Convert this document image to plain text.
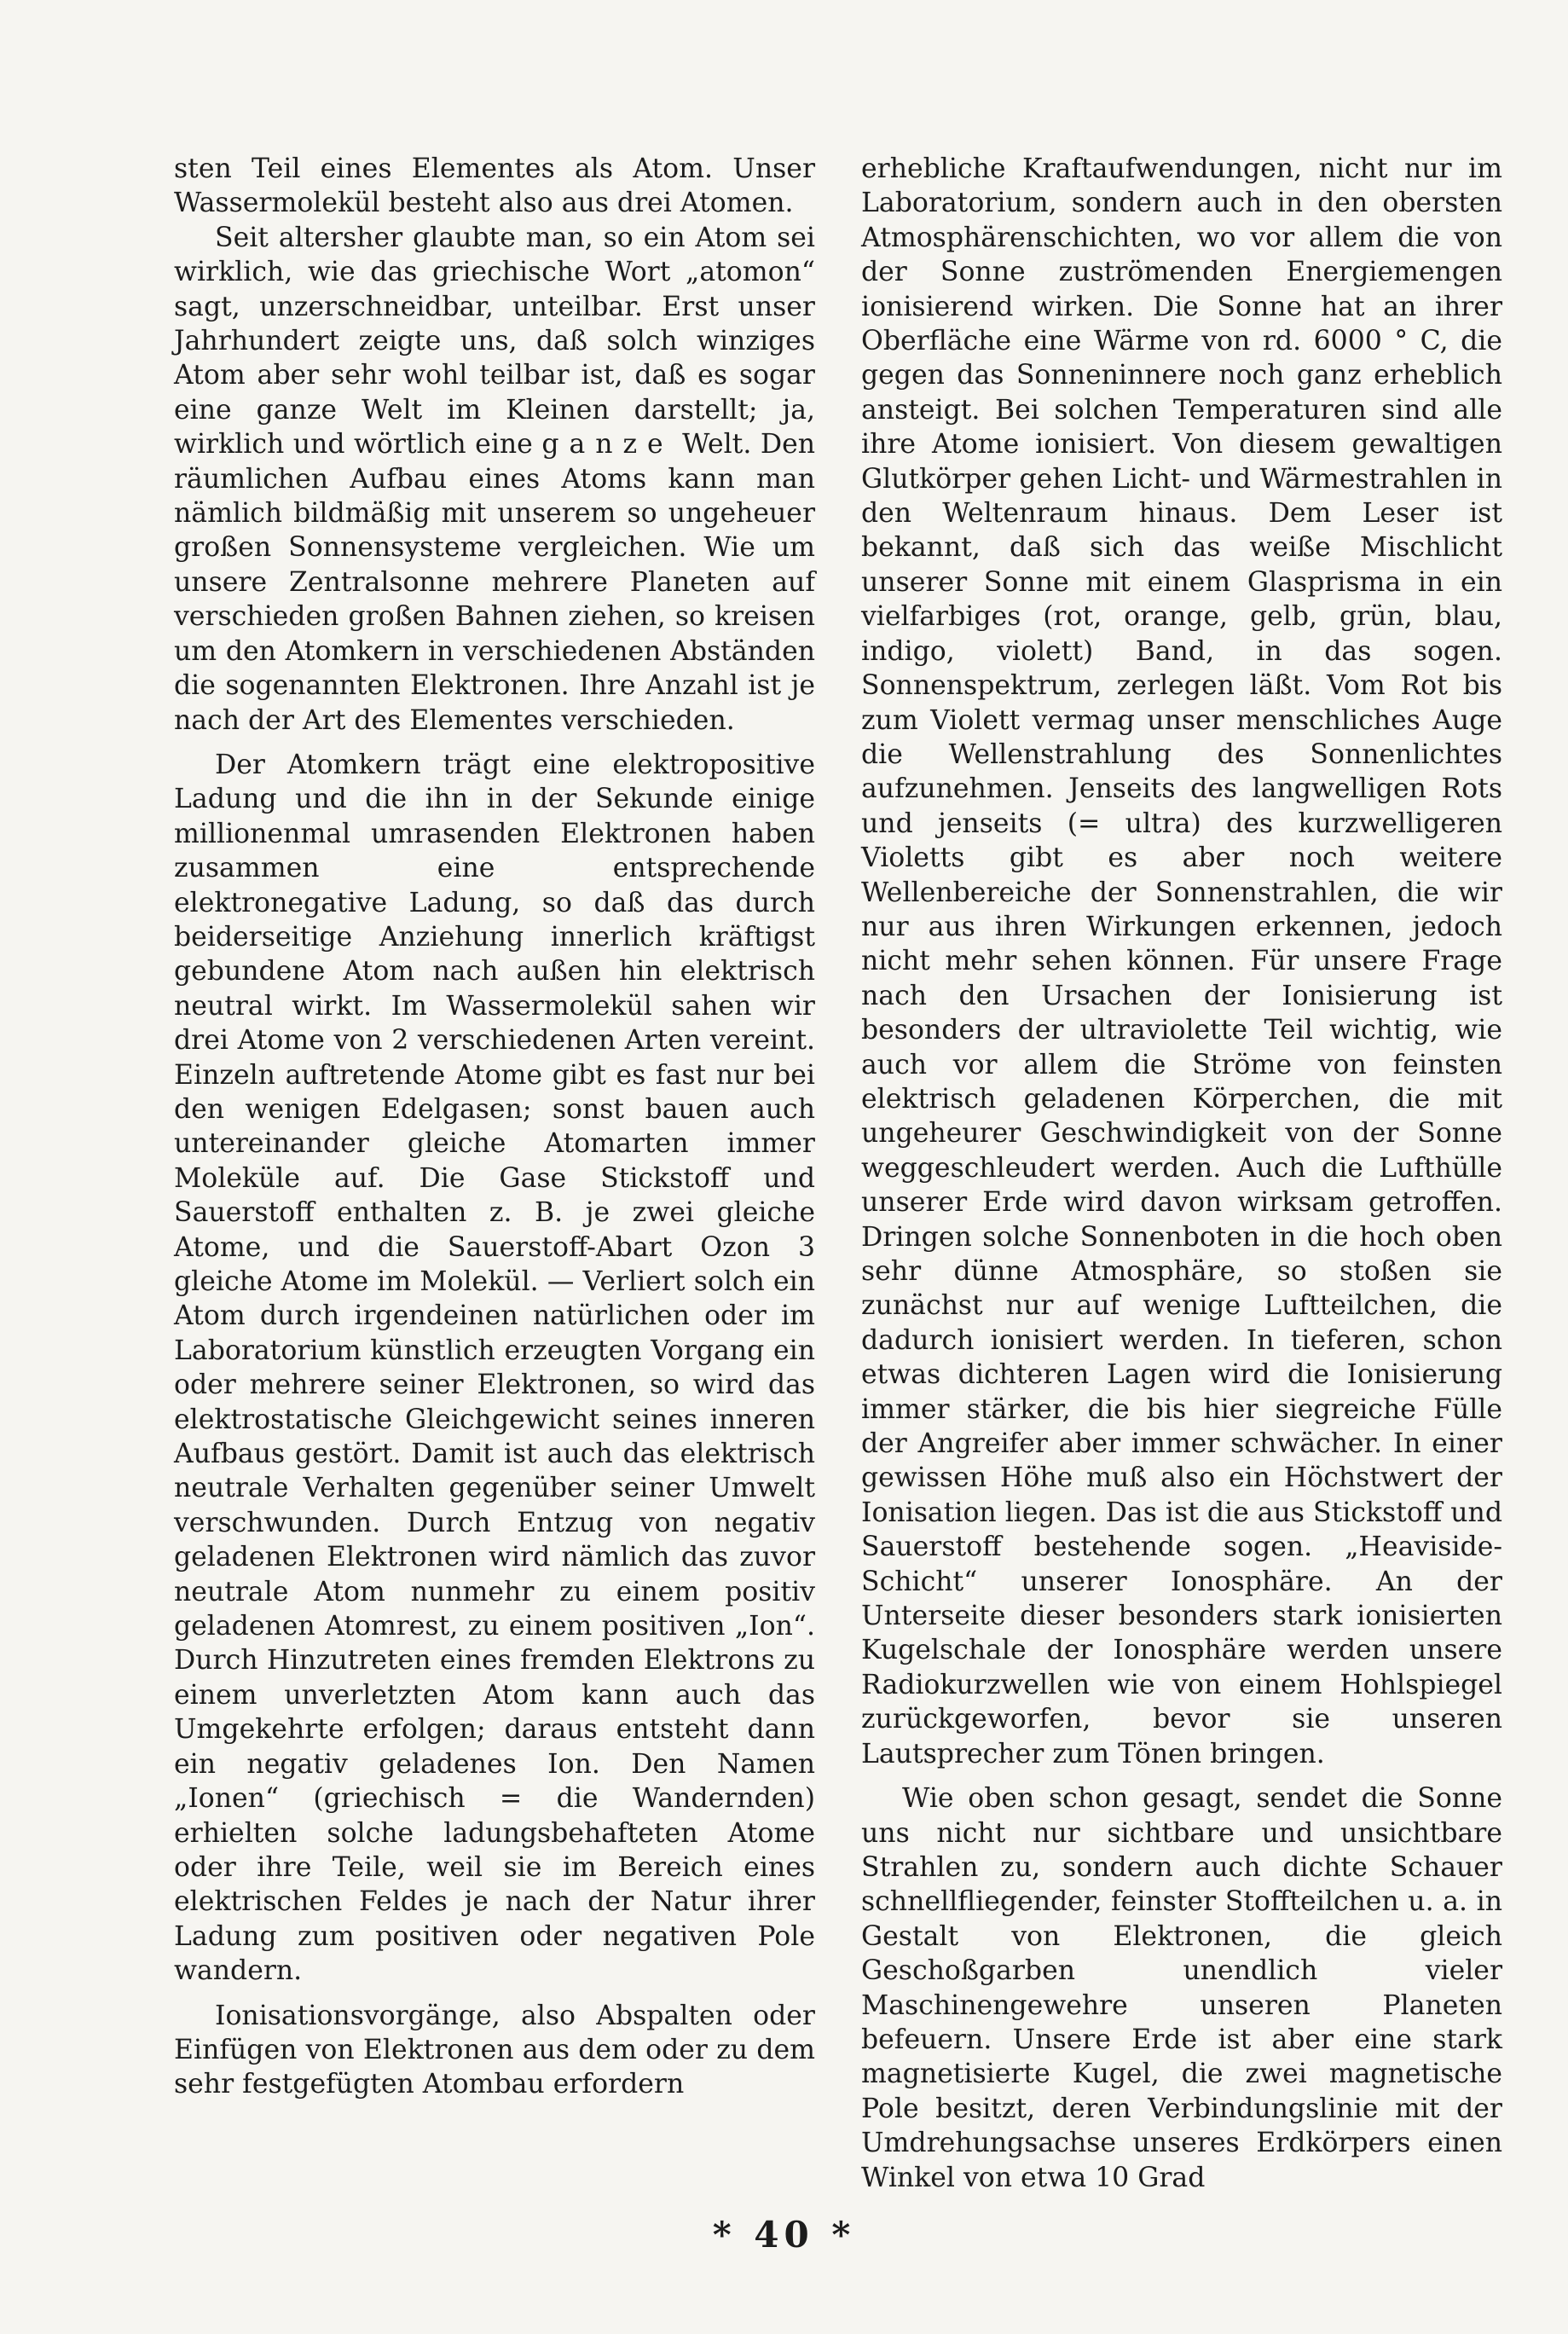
sten Teil eines Elementes als Atom. Unser Wassermolekül besteht also aus drei Atomen.

Seit altersher glaubte man, so ein Atom sei wirklich, wie das griechische Wort „atomon“ sagt, unzerschneidbar, unteilbar. Erst unser Jahrhundert zeigte uns, daß solch winziges Atom aber sehr wohl teilbar ist, daß es sogar eine ganze Welt im Kleinen darstellt; ja, wirklich und wörtlich eine ganze Welt. Den räumlichen Aufbau eines Atoms kann man nämlich bildmäßig mit unserem so ungeheuer großen Sonnensysteme vergleichen. Wie um unsere Zentralsonne mehrere Planeten auf verschieden großen Bahnen ziehen, so kreisen um den Atomkern in verschiedenen Abständen die sogenannten Elektronen. Ihre Anzahl ist je nach der Art des Elementes verschieden.

Der Atomkern trägt eine elektropositive Ladung und die ihn in der Sekunde einige millionenmal umrasenden Elektronen haben zusammen eine entsprechende elektronegative Ladung, so daß das durch beiderseitige Anziehung innerlich kräftigst gebundene Atom nach außen hin elektrisch neutral wirkt. Im Wassermolekül sahen wir drei Atome von 2 verschiedenen Arten vereint. Einzeln auftretende Atome gibt es fast nur bei den wenigen Edelgasen; sonst bauen auch untereinander gleiche Atomarten immer Moleküle auf. Die Gase Stickstoff und Sauerstoff enthalten z. B. je zwei gleiche Atome, und die Sauerstoff-Abart Ozon 3 gleiche Atome im Molekül. — Verliert solch ein Atom durch irgendeinen natürlichen oder im Laboratorium künstlich erzeugten Vorgang ein oder mehrere seiner Elektronen, so wird das elektrostatische Gleichgewicht seines inneren Aufbaus gestört. Damit ist auch das elektrisch neutrale Verhalten gegenüber seiner Umwelt verschwunden. Durch Entzug von negativ geladenen Elektronen wird nämlich das zuvor neutrale Atom nunmehr zu einem positiv geladenen Atomrest, zu einem positiven „Ion“. Durch Hinzutreten eines fremden Elektrons zu einem unverletzten Atom kann auch das Umgekehrte erfolgen; daraus entsteht dann ein negativ geladenes Ion. Den Namen „Ionen“ (griechisch = die Wandernden) erhielten solche ladungsbehafteten Atome oder ihre Teile, weil sie im Bereich eines elektrischen Feldes je nach der Natur ihrer Ladung zum positiven oder negativen Pole wandern.

Ionisationsvorgänge, also Abspalten oder Einfügen von Elektronen aus dem oder zu dem sehr festgefügten Atombau erfordern

erhebliche Kraftaufwendungen, nicht nur im Laboratorium, sondern auch in den obersten Atmosphärenschichten, wo vor allem die von der Sonne zuströmenden Energiemengen ionisierend wirken. Die Sonne hat an ihrer Oberfläche eine Wärme von rd. 6000 ° C, die gegen das Sonneninnere noch ganz erheblich ansteigt. Bei solchen Temperaturen sind alle ihre Atome ionisiert. Von diesem gewaltigen Glutkörper gehen Licht- und Wärmestrahlen in den Weltenraum hinaus. Dem Leser ist bekannt, daß sich das weiße Mischlicht unserer Sonne mit einem Glasprisma in ein vielfarbiges (rot, orange, gelb, grün, blau, indigo, violett) Band, in das sogen. Sonnenspektrum, zerlegen läßt. Vom Rot bis zum Violett vermag unser menschliches Auge die Wellenstrahlung des Sonnenlichtes aufzunehmen. Jenseits des langwelligen Rots und jenseits (= ultra) des kurzwelligeren Violetts gibt es aber noch weitere Wellenbereiche der Sonnenstrahlen, die wir nur aus ihren Wirkungen erkennen, jedoch nicht mehr sehen können. Für unsere Frage nach den Ursachen der Ionisierung ist besonders der ultraviolette Teil wichtig, wie auch vor allem die Ströme von feinsten elektrisch geladenen Körperchen, die mit ungeheurer Geschwindigkeit von der Sonne weggeschleudert werden. Auch die Lufthülle unserer Erde wird davon wirksam getroffen. Dringen solche Sonnenboten in die hoch oben sehr dünne Atmosphäre, so stoßen sie zunächst nur auf wenige Luftteilchen, die dadurch ionisiert werden. In tieferen, schon etwas dichteren Lagen wird die Ionisierung immer stärker, die bis hier siegreiche Fülle der Angreifer aber immer schwächer. In einer gewissen Höhe muß also ein Höchstwert der Ionisation liegen. Das ist die aus Stickstoff und Sauerstoff bestehende sogen. „Heaviside-Schicht“ unserer Ionosphäre. An der Unterseite dieser besonders stark ionisierten Kugelschale der Ionosphäre werden unsere Radiokurzwellen wie von einem Hohlspiegel zurückgeworfen, bevor sie unseren Lautsprecher zum Tönen bringen.

Wie oben schon gesagt, sendet die Sonne uns nicht nur sichtbare und unsichtbare Strahlen zu, sondern auch dichte Schauer schnellfliegender, feinster Stoffteilchen u. a. in Gestalt von Elektronen, die gleich Geschoßgarben unendlich vieler Maschinengewehre unseren Planeten befeuern. Unsere Erde ist aber eine stark magnetisierte Kugel, die zwei magnetische Pole besitzt, deren Verbindungslinie mit der Umdrehungsachse unseres Erdkörpers einen Winkel von etwa 10 Grad

* 40 *
